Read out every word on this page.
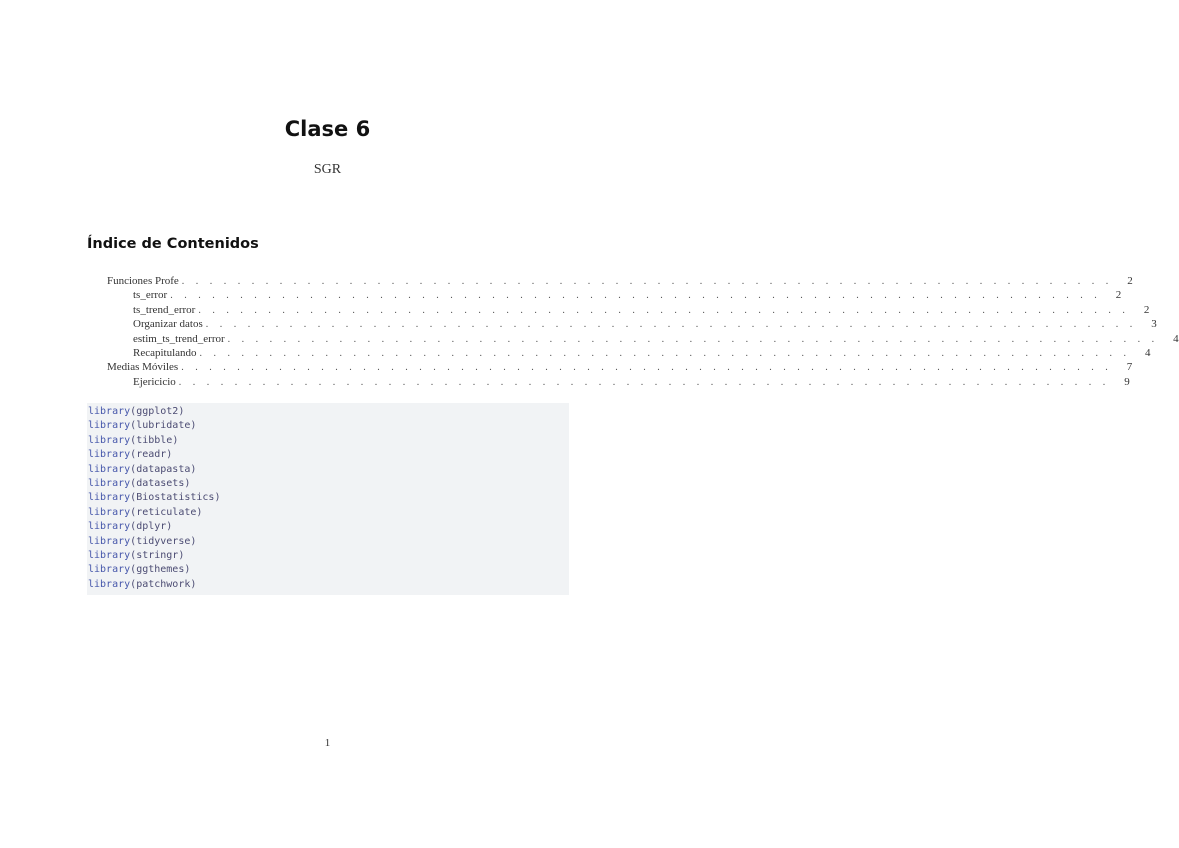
Clase 6
SGR
Índice de Contenidos
Funciones Profe . . . . . . . . . . . . . . . . . . . . . . . . . . . . . . . . . . . . . . . . . . . . . . . . . . . . . . . . . . . . . . . . . . .	2
ts_error . . . . . . . . . . . . . . . . . . . . . . . . . . . . . . . . . . . . . . . . . . . . . . . . . . . . . . . . . . . . . . . . . . .	2
ts_trend_error . . . . . . . . . . . . . . . . . . . . . . . . . . . . . . . . . . . . . . . . . . . . . . . . . . . . . . . . . . . . . . . . . . .	2
Organizar datos . . . . . . . . . . . . . . . . . . . . . . . . . . . . . . . . . . . . . . . . . . . . . . . . . . . . . . . . . . . . . . . . . . .	3
estim_ts_trend_error . . . . . . . . . . . . . . . . . . . . . . . . . . . . . . . . . . . . . . . . . . . . . . . . . . . . . . . . . . . . . . . . . . .	4
Recapitulando . . . . . . . . . . . . . . . . . . . . . . . . . . . . . . . . . . . . . . . . . . . . . . . . . . . . . . . . . . . . . . . . . . .	4
Medias Móviles . . . . . . . . . . . . . . . . . . . . . . . . . . . . . . . . . . . . . . . . . . . . . . . . . . . . . . . . . . . . . . . . . . .	7
Ejericicio . . . . . . . . . . . . . . . . . . . . . . . . . . . . . . . . . . . . . . . . . . . . . . . . . . . . . . . . . . . . . . . . . . .	9
library(ggplot2)
library(lubridate)
library(tibble)
library(readr)
library(datapasta)
library(datasets)
library(Biostatistics)
library(reticulate)
library(dplyr)
library(tidyverse)
library(stringr)
library(ggthemes)
library(patchwork)
1
